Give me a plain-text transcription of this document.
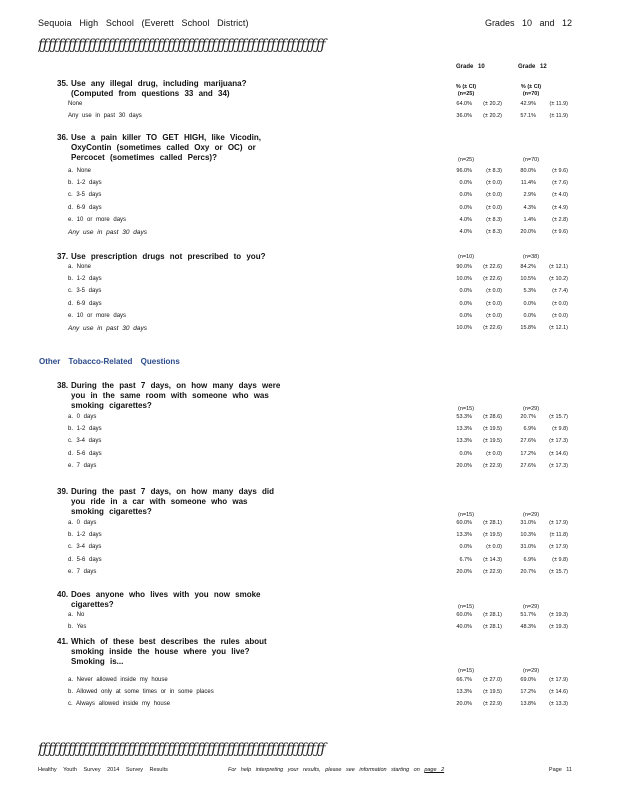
Sequoia High School (Everett School District)	Grades 10 and 12
ƒƒƒƒƒƒƒƒƒƒƒƒƒƒƒƒƒƒƒƒƒƒƒƒƒƒƒƒƒƒƒƒƒƒƒƒƒƒƒƒƒƒƒƒƒƒƒƒƒƒƒƒƒƒƒƒƒƒ
Grade 10	Grade 12
% (± CI)
(n=25)
% (± CI)
(n=70)
35. Use any illegal drug, including marijuana?
(Computed from questions 33 and 34)
None	64.0%	(± 20.2)	42.9%	(± 11.9)
Any use in past 30 days	36.0%	(± 20.2)	57.1%	(± 11.9)
36. Use a pain killer TO GET HIGH, like Vicodin,
OxyContin (sometimes called Oxy or OC) or
Percocet (sometimes called Percs)?	(n=25)	(n=70)
a. None	96.0%	(± 8.3)	80.0%	(± 9.6)
b. 1-2 days	0.0%	(± 0.0)	11.4%	(± 7.6)
c. 3-5 days	0.0%	(± 0.0)	2.9%	(± 4.0)
d. 6-9 days	0.0%	(± 0.0)	4.3%	(± 4.9)
e. 10 or more days	4.0%	(± 8.3)	1.4%	(± 2.8)
Any use in past 30 days	4.0%	(± 8.3)	20.0%	(± 9.6)
37. Use prescription drugs not prescribed to you?	(n=10)	(n=38)
a. None	90.0%	(± 22.6)	84.2%	(± 12.1)
b. 1-2 days	10.0%	(± 22.6)	10.5%	(± 10.2)
c. 3-5 days	0.0%	(± 0.0)	5.3%	(± 7.4)
d. 6-9 days	0.0%	(± 0.0)	0.0%	(± 0.0)
e. 10 or more days	0.0%	(± 0.0)	0.0%	(± 0.0)
Any use in past 30 days	10.0%	(± 22.6)	15.8%	(± 12.1)
38. During the past 7 days, on how many days were
you in the same room with someone who was
smoking cigarettes?	(n=15)	(n=29)
a. 0 days	53.3%	(± 28.6)	20.7%	(± 15.7)
b. 1-2 days	13.3%	(± 19.5)	6.9%	(± 9.8)
c. 3-4 days	13.3%	(± 19.5)	27.6%	(± 17.3)
d. 5-6 days	0.0%	(± 0.0)	17.2%	(± 14.6)
e. 7 days	20.0%	(± 22.9)	27.6%	(± 17.3)
39. During the past 7 days, on how many days did
you ride in a car with someone who was
smoking cigarettes?	(n=15)	(n=29)
a. 0 days	60.0%	(± 28.1)	31.0%	(± 17.9)
b. 1-2 days	13.3%	(± 19.5)	10.3%	(± 11.8)
c. 3-4 days	0.0%	(± 0.0)	31.0%	(± 17.9)
d. 5-6 days	6.7%	(± 14.3)	6.9%	(± 9.8)
e. 7 days	20.0%	(± 22.9)	20.7%	(± 15.7)
40. Does anyone who lives with you now smoke
cigarettes?	(n=15)	(n=29)
a. No	60.0%	(± 28.1)	51.7%	(± 19.3)
b. Yes	40.0%	(± 28.1)	48.3%	(± 19.3)
41. Which of these best describes the rules about
smoking inside the house where you live?
Smoking is...
(n=15)	(n=29)
a. Never allowed inside my house	66.7%	(± 27.0)	69.0%	(± 17.9)
b. Allowed only at some times or in some places	13.3%	(± 19.5)	17.2%	(± 14.6)
c. Always allowed inside my house	20.0%	(± 22.9)	13.8%	(± 13.3)
Other Tobacco-Related Questions
ƒƒƒƒƒƒƒƒƒƒƒƒƒƒƒƒƒƒƒƒƒƒƒƒƒƒƒƒƒƒƒƒƒƒƒƒƒƒƒƒƒƒƒƒƒƒƒƒƒƒƒƒƒƒƒƒƒƒ
Healthy Youth Survey 2014 Survey Results	For help interpreting your results, please see information starting on page 2	Page 11
